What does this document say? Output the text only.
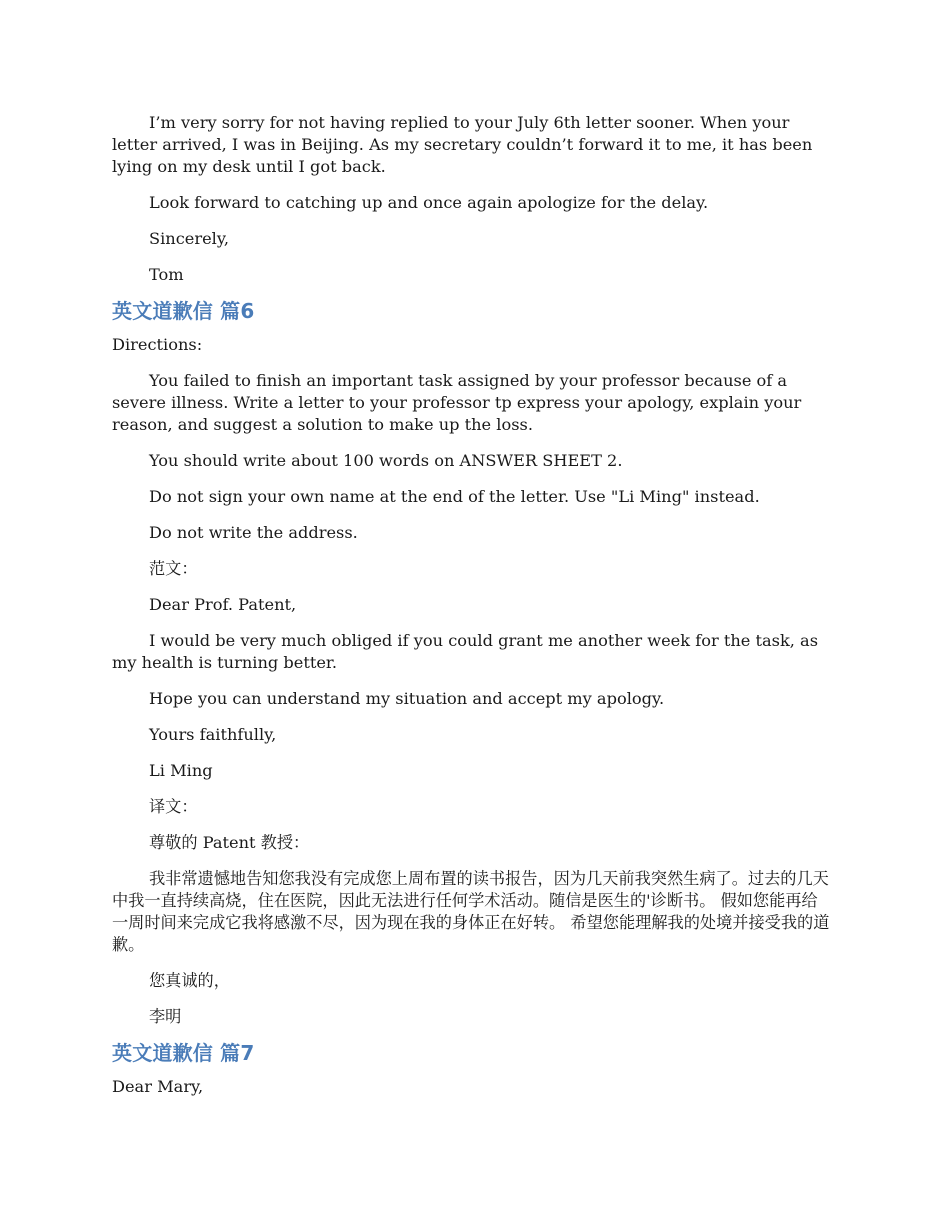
I’m very sorry for not having replied to your July 6th letter sooner. When your letter arrived, I was in Beijing. As my secretary couldn’t forward it to me, it has been lying on my desk until I got back.

Look forward to catching up and once again apologize for the delay.

Sincerely,

Tom

英文道歉信 篇6

Directions:

You failed to finish an important task assigned by your professor because of a severe illness. Write a letter to your professor tp express your apology, explain your reason, and suggest a solution to make up the loss.

You should write about 100 words on ANSWER SHEET 2.

Do not sign your own name at the end of the letter. Use "Li Ming" instead.

Do not write the address.

范文：

Dear Prof. Patent,

I would be very much obliged if you could grant me another week for the task, as my health is turning better.

Hope you can understand my situation and accept my apology.

Yours faithfully,

Li Ming

译文：

尊敬的 Patent 教授：

我非常遗憾地告知您我没有完成您上周布置的读书报告，因为几天前我突然生病了。过去的几天中我一直持续高烧，住在医院，因此无法进行任何学术活动。随信是医生的'诊断书。 假如您能再给一周时间来完成它我将感激不尽，因为现在我的身体正在好转。 希望您能理解我的处境并接受我的道歉。

您真诚的，

李明

英文道歉信 篇7

Dear Mary,
